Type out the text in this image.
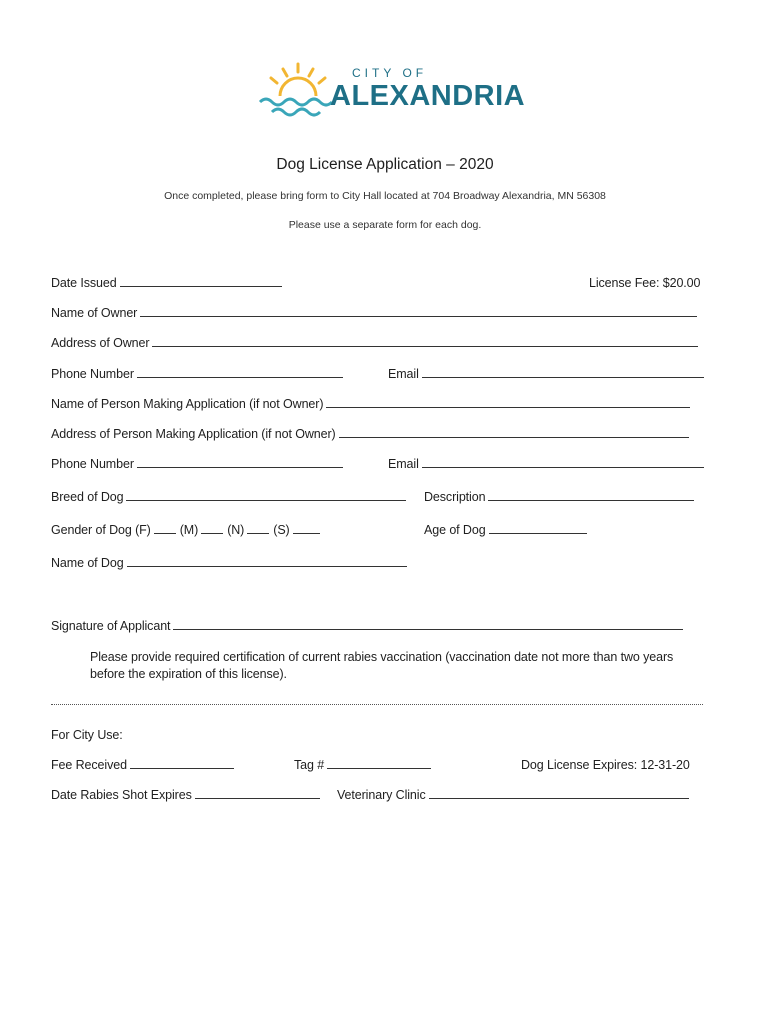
CITY OF
ALEXANDRIA
Dog License Application – 2020
Once completed, please bring form to City Hall located at 704 Broadway Alexandria, MN 56308
Please use a separate form for each dog.
Date Issued	License Fee: $20.00
Name of Owner
Address of Owner
Phone Number	Email
Name of Person Making Application (if not Owner)
Address of Person Making Application (if not Owner)
Phone Number	Email
Breed of Dog	Description
Gender of Dog (F) (M) (N) (S)	Age of Dog
Name of Dog
Signature of Applicant
Please provide required certification of current rabies vaccination (vaccination date not more than two years
before the expiration of this license).
For City Use:
Fee Received	Tag #	Dog License Expires: 12-31-20
Date Rabies Shot Expires	Veterinary Clinic
